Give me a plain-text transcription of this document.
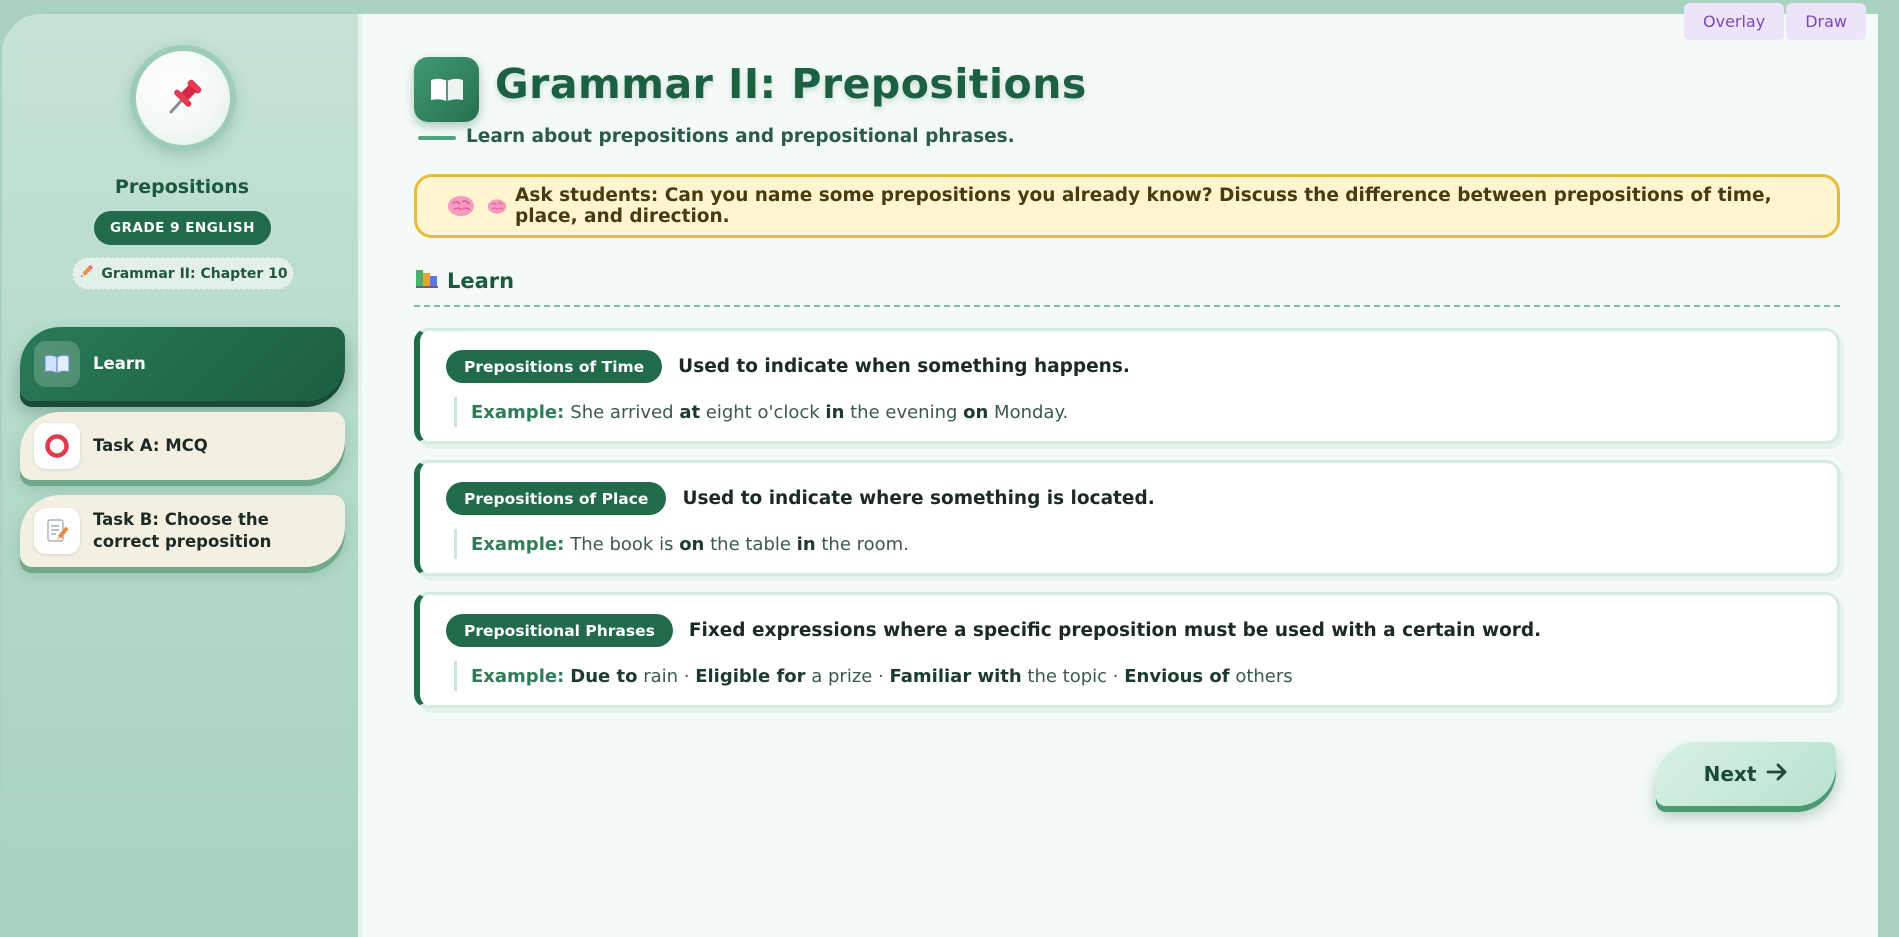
Overlay	Draw
Prepositions
GRADE 9 ENGLISH
Grammar II: Chapter 10
Learn
Task A: MCQ
Task B: Choose the correct preposition
Grammar II: Prepositions
Learn about prepositions and prepositional phrases.
Ask students: Can you name some prepositions you already know? Discuss the difference between prepositions of time, place, and direction.
Learn
Prepositions of Time	Used to indicate when something happens.
Example: She arrived at eight o'clock in the evening on Monday.
Prepositions of Place	Used to indicate where something is located.
Example: The book is on the table in the room.
Prepositional Phrases	Fixed expressions where a specific preposition must be used with a certain word.
Example: Due to rain · Eligible for a prize · Familiar with the topic · Envious of others
Next
